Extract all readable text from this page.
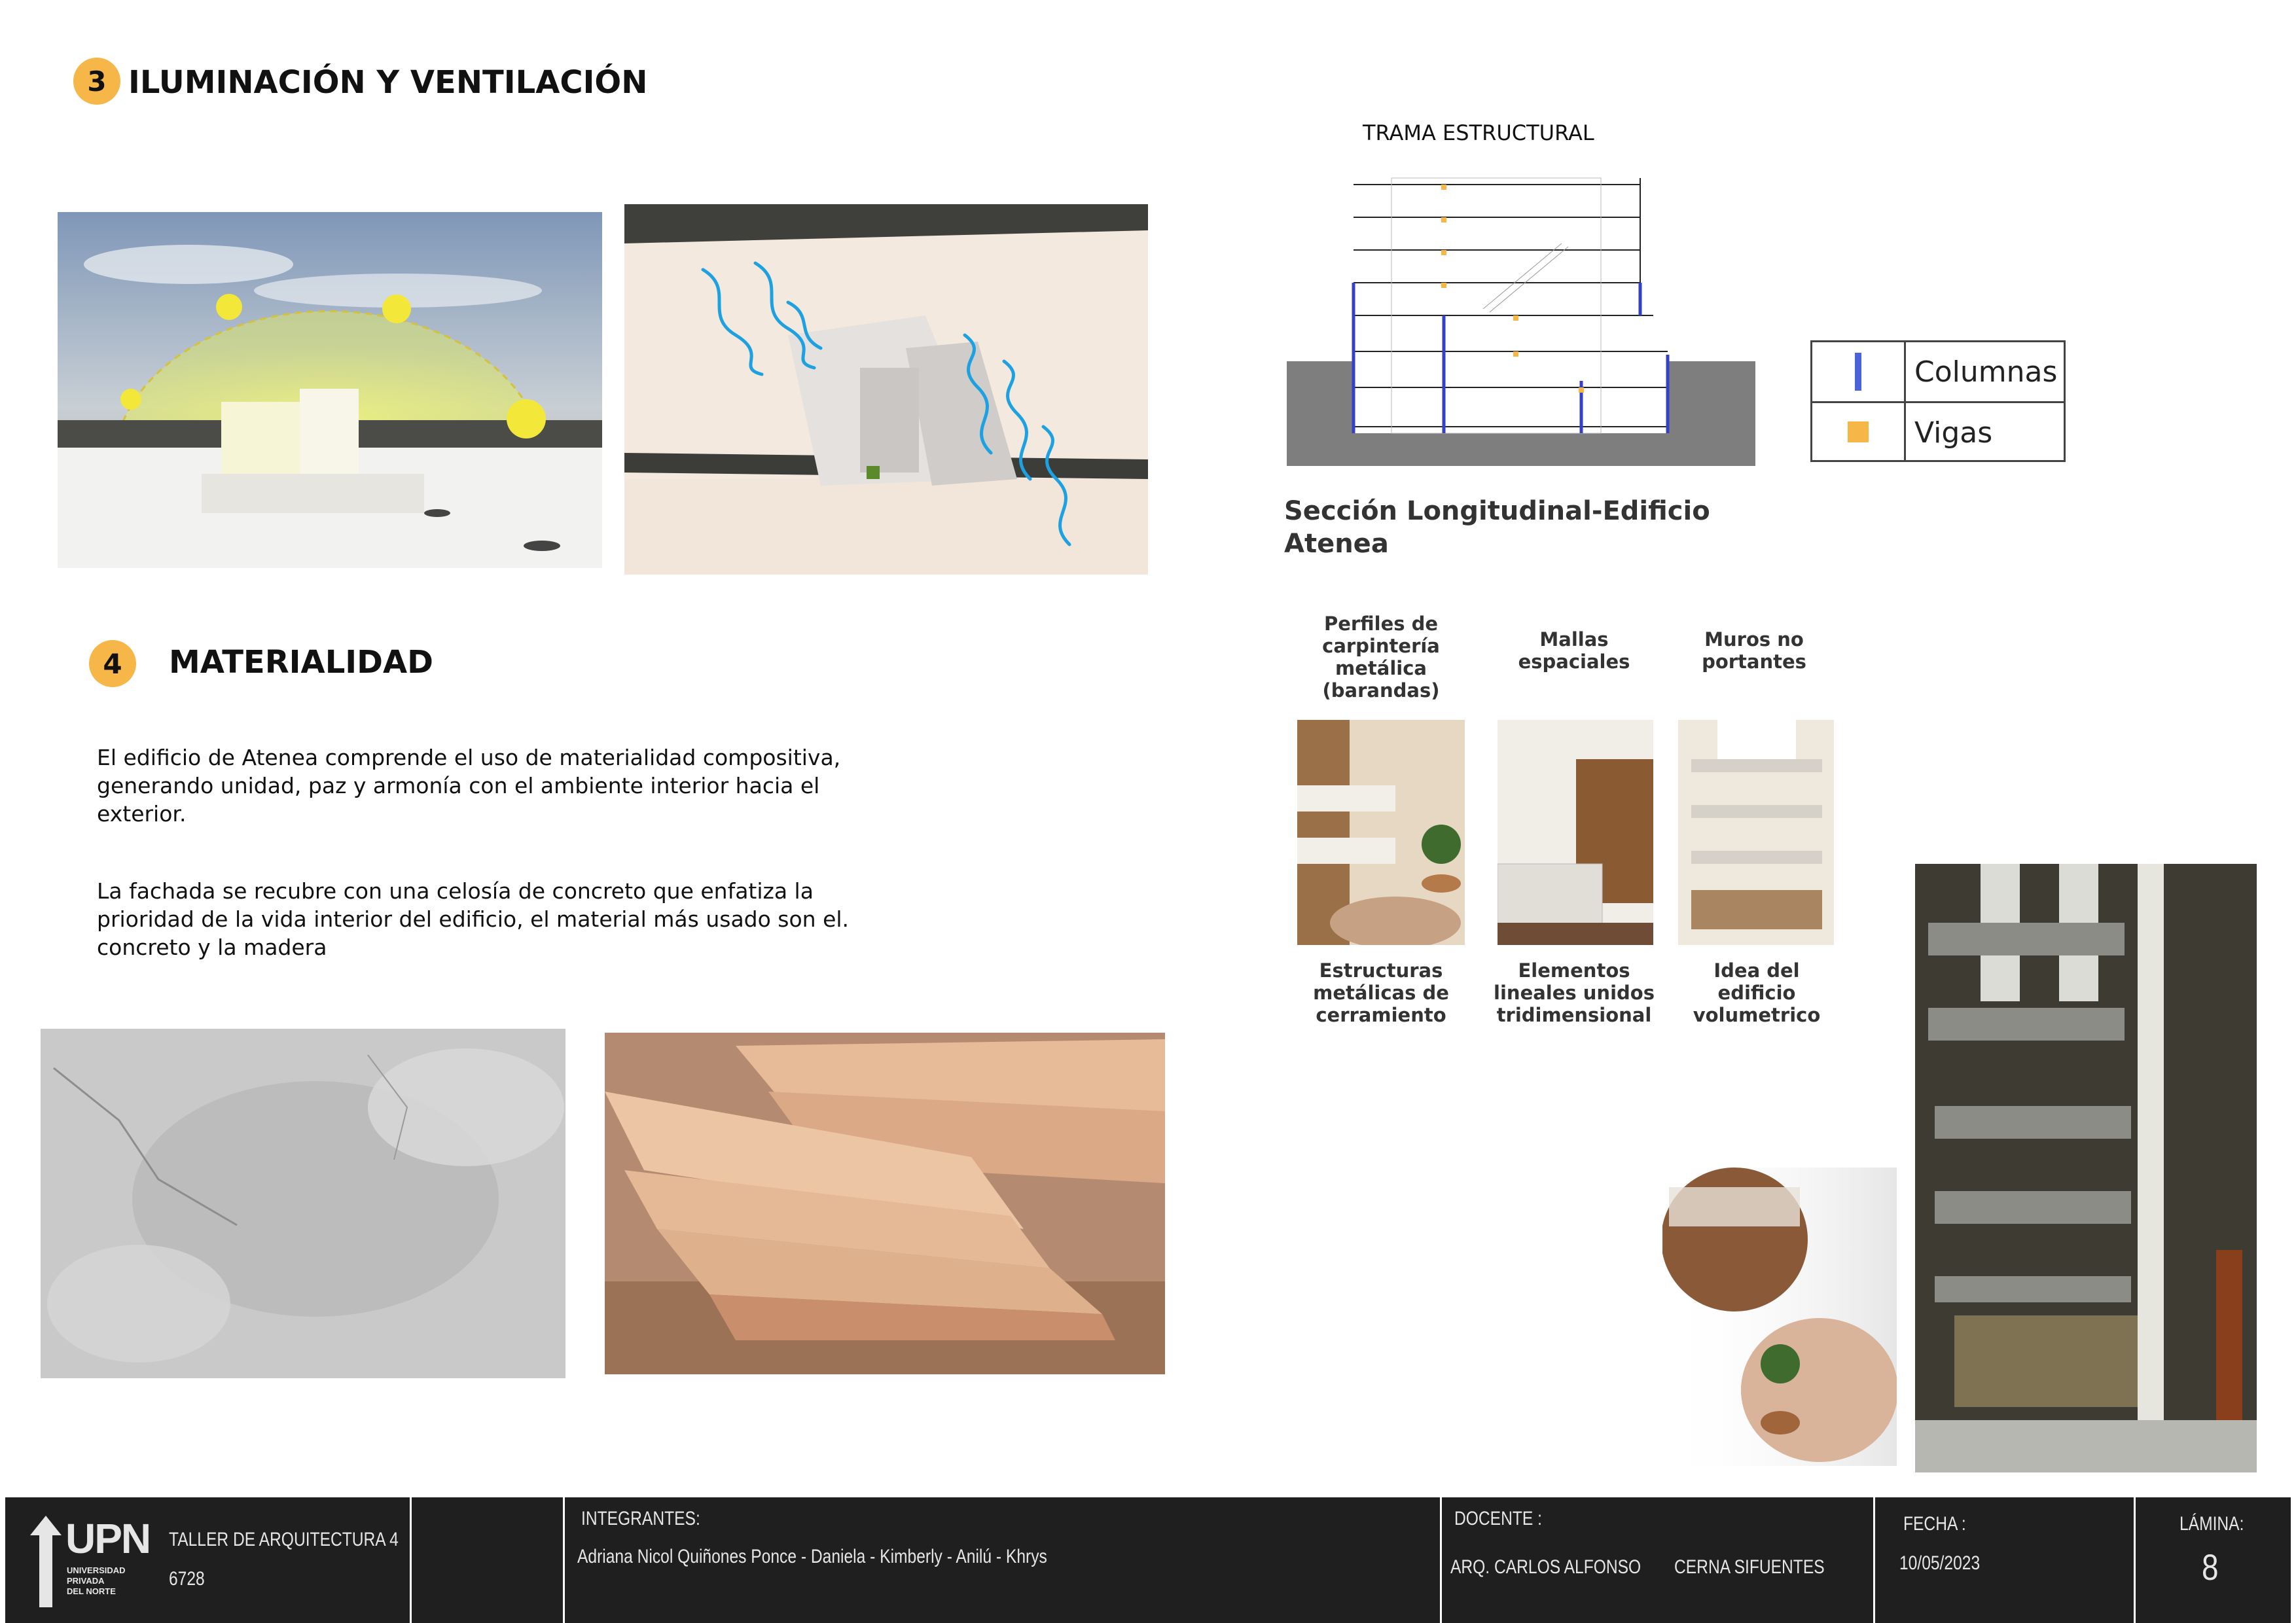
3 ILUMINACIÓN Y VENTILACIÓN
4	MATERIALIDAD
El edificio de Atenea comprende el uso de materialidad compositiva, generando unidad, paz y armonía con el ambiente interior hacia el exterior.
La fachada se recubre con una celosía de concreto que enfatiza la prioridad de la vida interior del edificio, el material más usado son el. concreto y la madera
TRAMA ESTRUCTURAL
Columnas
Vigas
Sección Longitudinal-Edificio Atenea
Perfiles de carpintería metálica (barandas)
Mallas espaciales
Muros no portantes
Estructuras metálicas de cerramiento
Elementos lineales unidos tridimensional
Idea del edificio volumetrico
UPN
UNIVERSIDAD
PRIVADA
DEL NORTE
TALLER DE ARQUITECTURA 4
6728
INTEGRANTES:
Adriana Nicol Quiñones Ponce - Daniela - Kimberly - Anilú - Khrys
DOCENTE :
ARQ. CARLOS ALFONSO CERNA SIFUENTES
FECHA :
10/05/2023
LÁMINA:
8
